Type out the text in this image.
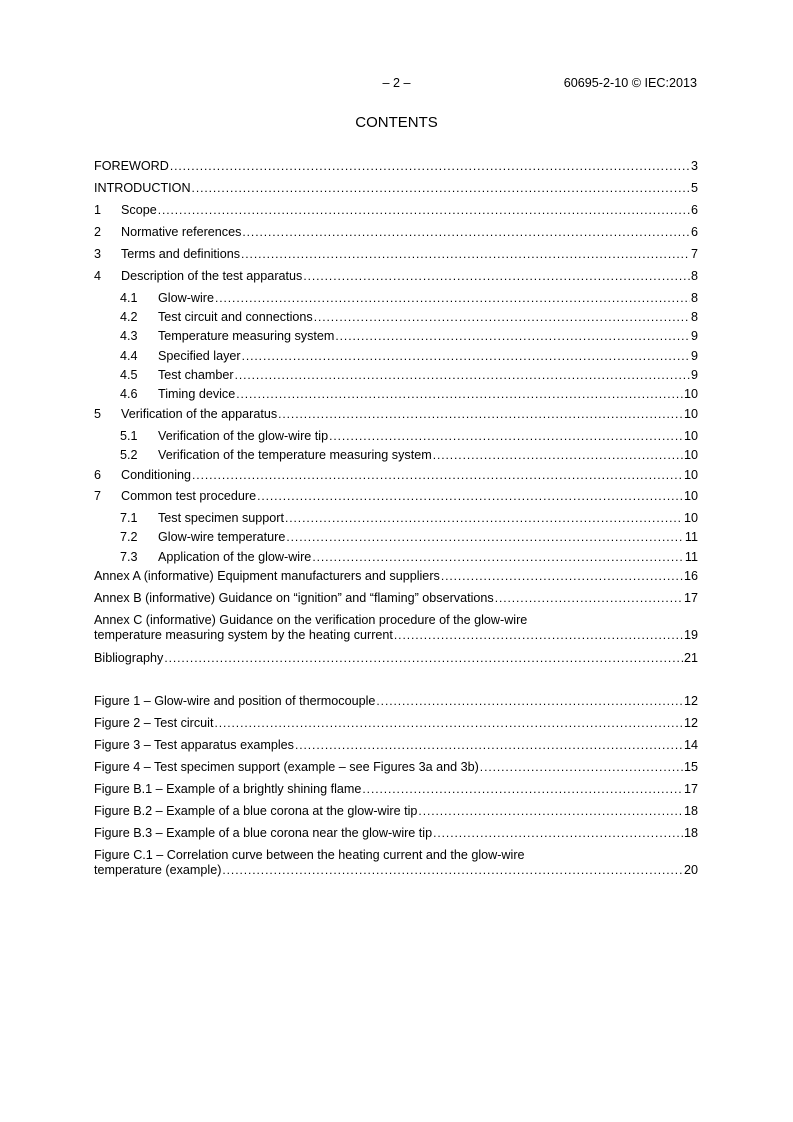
– 2 –	60695-2-10 © IEC:2013
CONTENTS
FOREWORD . . .	3
INTRODUCTION . . .	5
1	Scope . . .	6
2	Normative references . . .	6
3	Terms and definitions . . .	7
4	Description of the test apparatus . . .	8
4.1	Glow-wire . . .	8
4.2	Test circuit and connections . . .	8
4.3	Temperature measuring system . . .	9
4.4	Specified layer . . .	9
4.5	Test chamber . . .	9
4.6	Timing device . . .	10
5	Verification of the apparatus . . .	10
5.1	Verification of the glow-wire tip . . .	10
5.2	Verification of the temperature measuring system . . .	10
6	Conditioning . . .	10
7	Common test procedure . . .	10
7.1	Test specimen support . . .	10
7.2	Glow-wire temperature . . .	11
7.3	Application of the glow-wire . . .	11
Annex A (informative) Equipment manufacturers and suppliers . . .	16
Annex B (informative) Guidance on “ignition” and “flaming” observations . . .	17
Annex C (informative) Guidance on the verification procedure of the glow-wire
temperature measuring system by the heating current . . .	19
Bibliography . . .	21
Figure 1 – Glow-wire and position of thermocouple . . .	12
Figure 2 – Test circuit . . .	12
Figure 3 – Test apparatus examples . . .	14
Figure 4 – Test specimen support (example – see Figures 3a and 3b) . . .	15
Figure B.1 – Example of a brightly shining flame . . .	17
Figure B.2 – Example of a blue corona at the glow-wire tip . . .	18
Figure B.3 – Example of a blue corona near the glow-wire tip . . .	18
Figure C.1 – Correlation curve between the heating current and the glow-wire
temperature (example) . . .	20
